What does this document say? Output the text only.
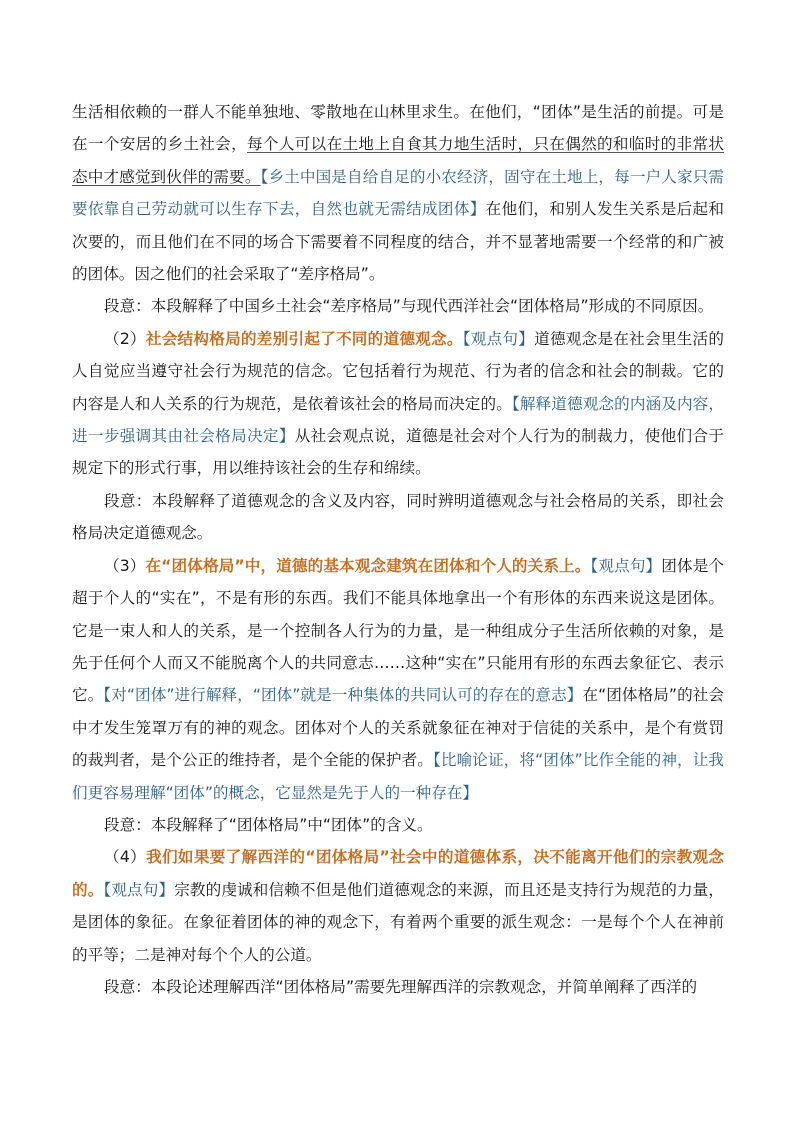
生活相依赖的一群人不能单独地、零散地在山林里求生。在他们，“团体”是生活的前提。可是在一个安居的乡土社会，每个人可以在土地上自食其力地生活时，只在偶然的和临时的非常状态中才感觉到伙伴的需要。【乡土中国是自给自足的小农经济，固守在土地上，每一户人家只需要依靠自己劳动就可以生存下去，自然也就无需结成团体】在他们，和别人发生关系是后起和次要的，而且他们在不同的场合下需要着不同程度的结合，并不显著地需要一个经常的和广被的团体。因之他们的社会采取了“差序格局”。

段意：本段解释了中国乡土社会“差序格局”与现代西洋社会“团体格局”形成的不同原因。

（2）社会结构格局的差别引起了不同的道德观念。【观点句】道德观念是在社会里生活的人自觉应当遵守社会行为规范的信念。它包括着行为规范、行为者的信念和社会的制裁。它的内容是人和人关系的行为规范，是依着该社会的格局而决定的。【解释道德观念的内涵及内容，进一步强调其由社会格局决定】从社会观点说，道德是社会对个人行为的制裁力，使他们合于规定下的形式行事，用以维持该社会的生存和绵续。

段意：本段解释了道德观念的含义及内容，同时辨明道德观念与社会格局的关系，即社会格局决定道德观念。

（3）在“团体格局”中，道德的基本观念建筑在团体和个人的关系上。【观点句】团体是个超于个人的“实在”，不是有形的东西。我们不能具体地拿出一个有形体的东西来说这是团体。它是一束人和人的关系，是一个控制各人行为的力量，是一种组成分子生活所依赖的对象，是先于任何个人而又不能脱离个人的共同意志……这种“实在”只能用有形的东西去象征它、表示它。【对“团体”进行解释，“团体”就是一种集体的共同认可的存在的意志】在“团体格局”的社会中才发生笼罩万有的神的观念。团体对个人的关系就象征在神对于信徒的关系中，是个有赏罚的裁判者，是个公正的维持者，是个全能的保护者。【比喻论证，将“团体”比作全能的神，让我们更容易理解“团体”的概念，它显然是先于人的一种存在】

段意：本段解释了“团体格局”中“团体”的含义。

（4）我们如果要了解西洋的“团体格局”社会中的道德体系，决不能离开他们的宗教观念的。【观点句】宗教的虔诚和信赖不但是他们道德观念的来源，而且还是支持行为规范的力量，是团体的象征。在象征着团体的神的观念下，有着两个重要的派生观念：一是每个个人在神前的平等；二是神对每个个人的公道。

段意：本段论述理解西洋“团体格局”需要先理解西洋的宗教观念，并简单阐释了西洋的
